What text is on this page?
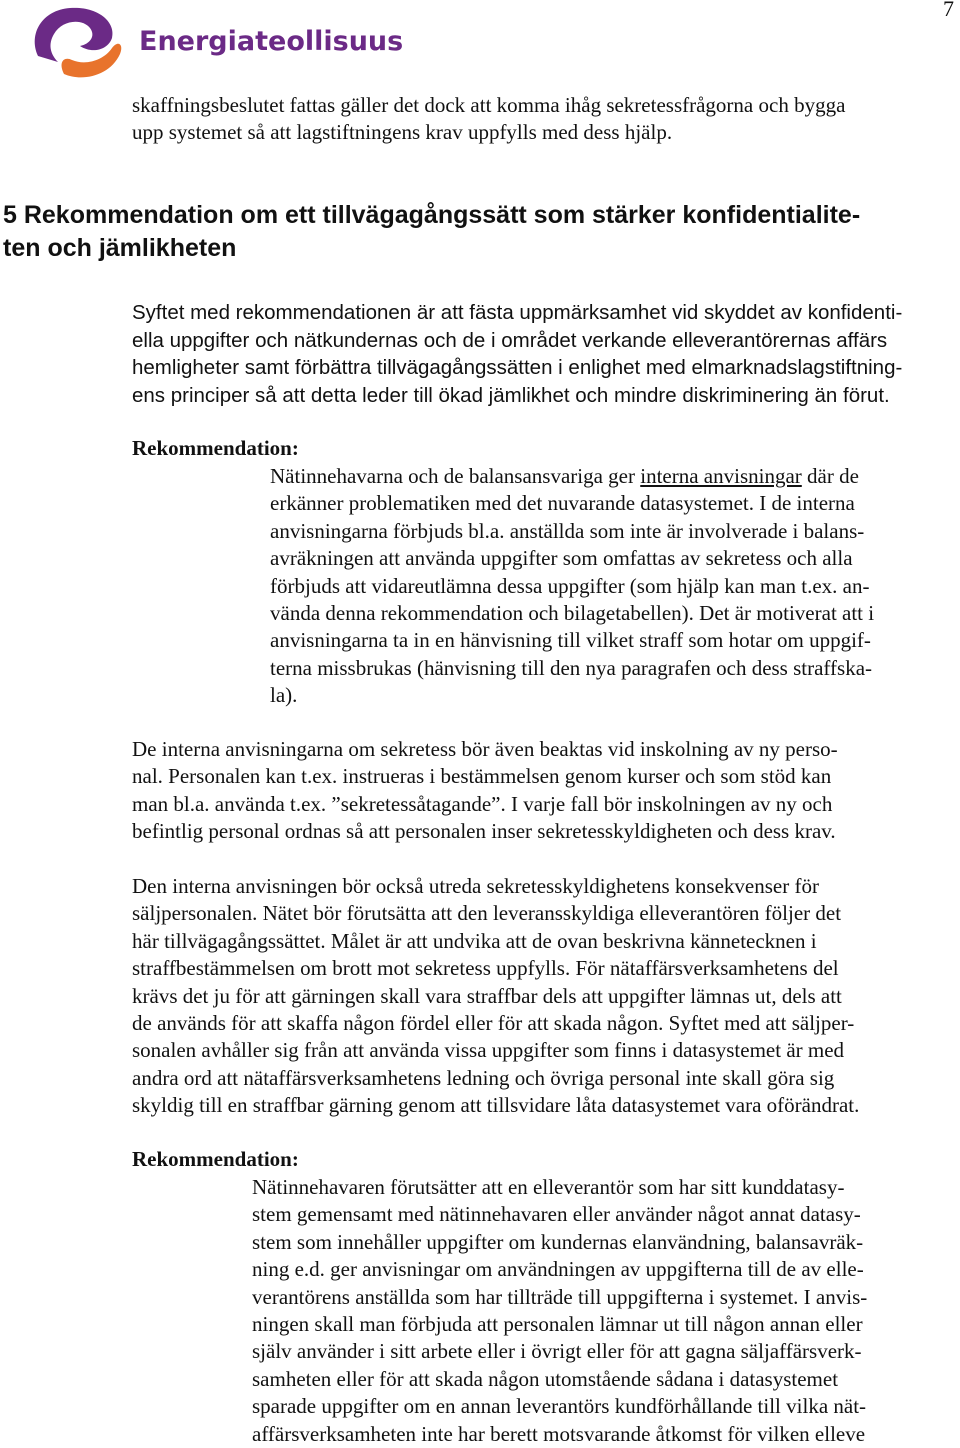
Energiateollisuus
7
skaffningsbeslutet fattas gäller det dock att komma ihåg sekretessfrågorna och bygga
upp systemet så att lagstiftningens krav uppfylls med dess hjälp.
5 Rekommendation om ett tillvägagångssätt som stärker konfidentialite-
ten och jämlikheten
Syftet med rekommendationen är att fästa uppmärksamhet vid skyddet av konfidenti-
ella uppgifter och nätkundernas och de i området verkande elleverantörernas affärs
hemligheter samt förbättra tillvägagångssätten i enlighet med elmarknadslagstiftning-
ens principer så att detta leder till ökad jämlikhet och mindre diskriminering än förut.
Rekommendation:
Nätinnehavarna och de balansansvariga ger interna anvisningar där de
erkänner problematiken med det nuvarande datasystemet. I de interna
anvisningarna förbjuds bl.a. anställda som inte är involverade i balans-
avräkningen att använda uppgifter som omfattas av sekretess och alla
förbjuds att vidareutlämna dessa uppgifter (som hjälp kan man t.ex. an-
vända denna rekommendation och bilagetabellen). Det är motiverat att i
anvisningarna ta in en hänvisning till vilket straff som hotar om uppgif-
terna missbrukas (hänvisning till den nya paragrafen och dess straffska-
la).
De interna anvisningarna om sekretess bör även beaktas vid inskolning av ny perso-
nal. Personalen kan t.ex. instrueras i bestämmelsen genom kurser och som stöd kan
man bl.a. använda t.ex. ”sekretessåtagande”. I varje fall bör inskolningen av ny och
befintlig personal ordnas så att personalen inser sekretesskyldigheten och dess krav.
Den interna anvisningen bör också utreda sekretesskyldighetens konsekvenser för
säljpersonalen. Nätet bör förutsätta att den leveransskyldiga elleverantören följer det
här tillvägagångssättet. Målet är att undvika att de ovan beskrivna kännetecknen i
straffbestämmelsen om brott mot sekretess uppfylls. För nätaffärsverksamhetens del
krävs det ju för att gärningen skall vara straffbar dels att uppgifter lämnas ut, dels att
de används för att skaffa någon fördel eller för att skada någon. Syftet med att säljper-
sonalen avhåller sig från att använda vissa uppgifter som finns i datasystemet är med
andra ord att nätaffärsverksamhetens ledning och övriga personal inte skall göra sig
skyldig till en straffbar gärning genom att tillsvidare låta datasystemet vara oförändrat.
Rekommendation:
Nätinnehavaren förutsätter att en elleverantör som har sitt kunddatasy-
stem gemensamt med nätinnehavaren eller använder något annat datasy-
stem som innehåller uppgifter om kundernas elanvändning, balansavräk-
ning e.d. ger anvisningar om användningen av uppgifterna till de av elle-
verantörens anställda som har tillträde till uppgifterna i systemet. I anvis-
ningen skall man förbjuda att personalen lämnar ut till någon annan eller
själv använder i sitt arbete eller i övrigt eller för att gagna säljaffärsverk-
samheten eller för att skada någon utomstående sådana i datasystemet
sparade uppgifter om en annan leverantörs kundförhållande till vilka nät-
affärsverksamheten inte har berett motsvarande åtkomst för vilken elleve
